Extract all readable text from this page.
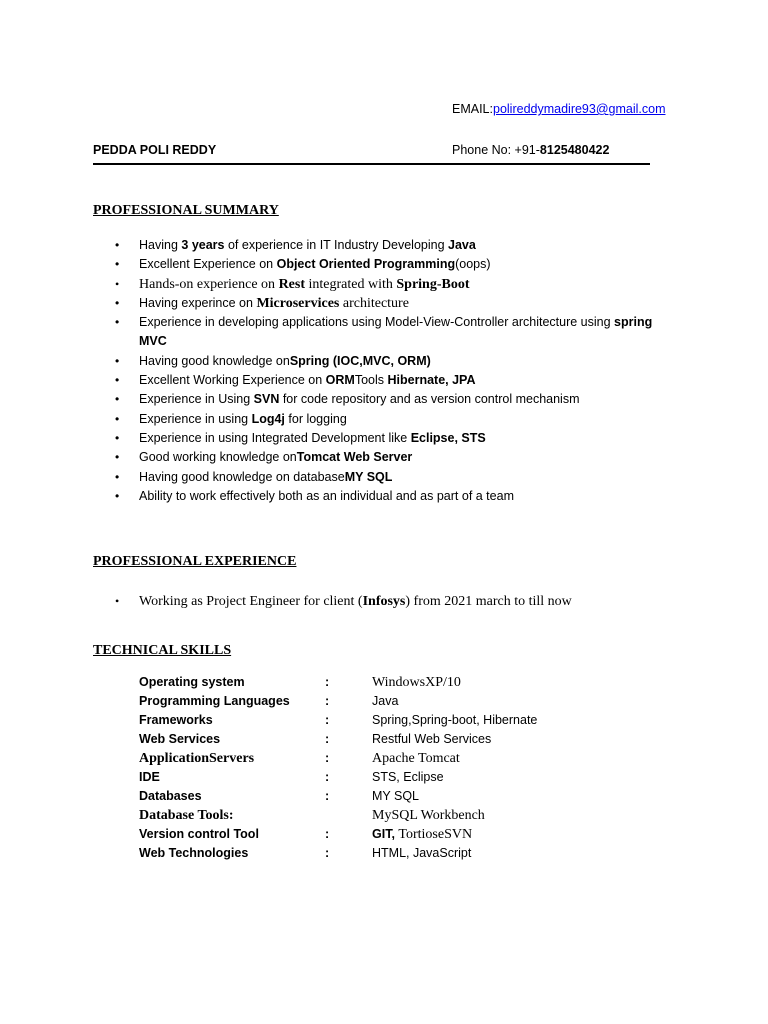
EMAIL:polireddymadire93@gmail.com
PEDDA POLI REDDY	Phone No: +91-8125480422
PROFESSIONAL SUMMARY
• Having 3 years of experience in IT Industry Developing Java
• Excellent Experience on Object Oriented Programming(oops)
• Hands-on experience on Rest integrated with Spring-Boot
• Having experince on Microservices architecture
• Experience in developing applications using Model-View-Controller architecture using spring
MVC
• Having good knowledge onSpring (IOC,MVC, ORM)
• Excellent Working Experience on ORMTools Hibernate, JPA
• Experience in Using SVN for code repository and as version control mechanism
• Experience in using Log4j for logging
• Experience in using Integrated Development like Eclipse, STS
• Good working knowledge onTomcat Web Server
• Having good knowledge on databaseMY SQL
• Ability to work effectively both as an individual and as part of a team
PROFESSIONAL EXPERIENCE
• Working as Project Engineer for client (Infosys) from 2021 march to till now
TECHNICAL SKILLS
Operating system	:	WindowsXP/10
Programming Languages	:	Java
Frameworks	:	Spring,Spring-boot, Hibernate
Web Services	:	Restful Web Services
ApplicationServers	:	Apache Tomcat
IDE	:	STS, Eclipse
Databases	:	MY SQL
Database Tools:	MySQL Workbench
Version control Tool	:	GIT, TortioseSVN
Web Technologies	:	HTML, JavaScript
